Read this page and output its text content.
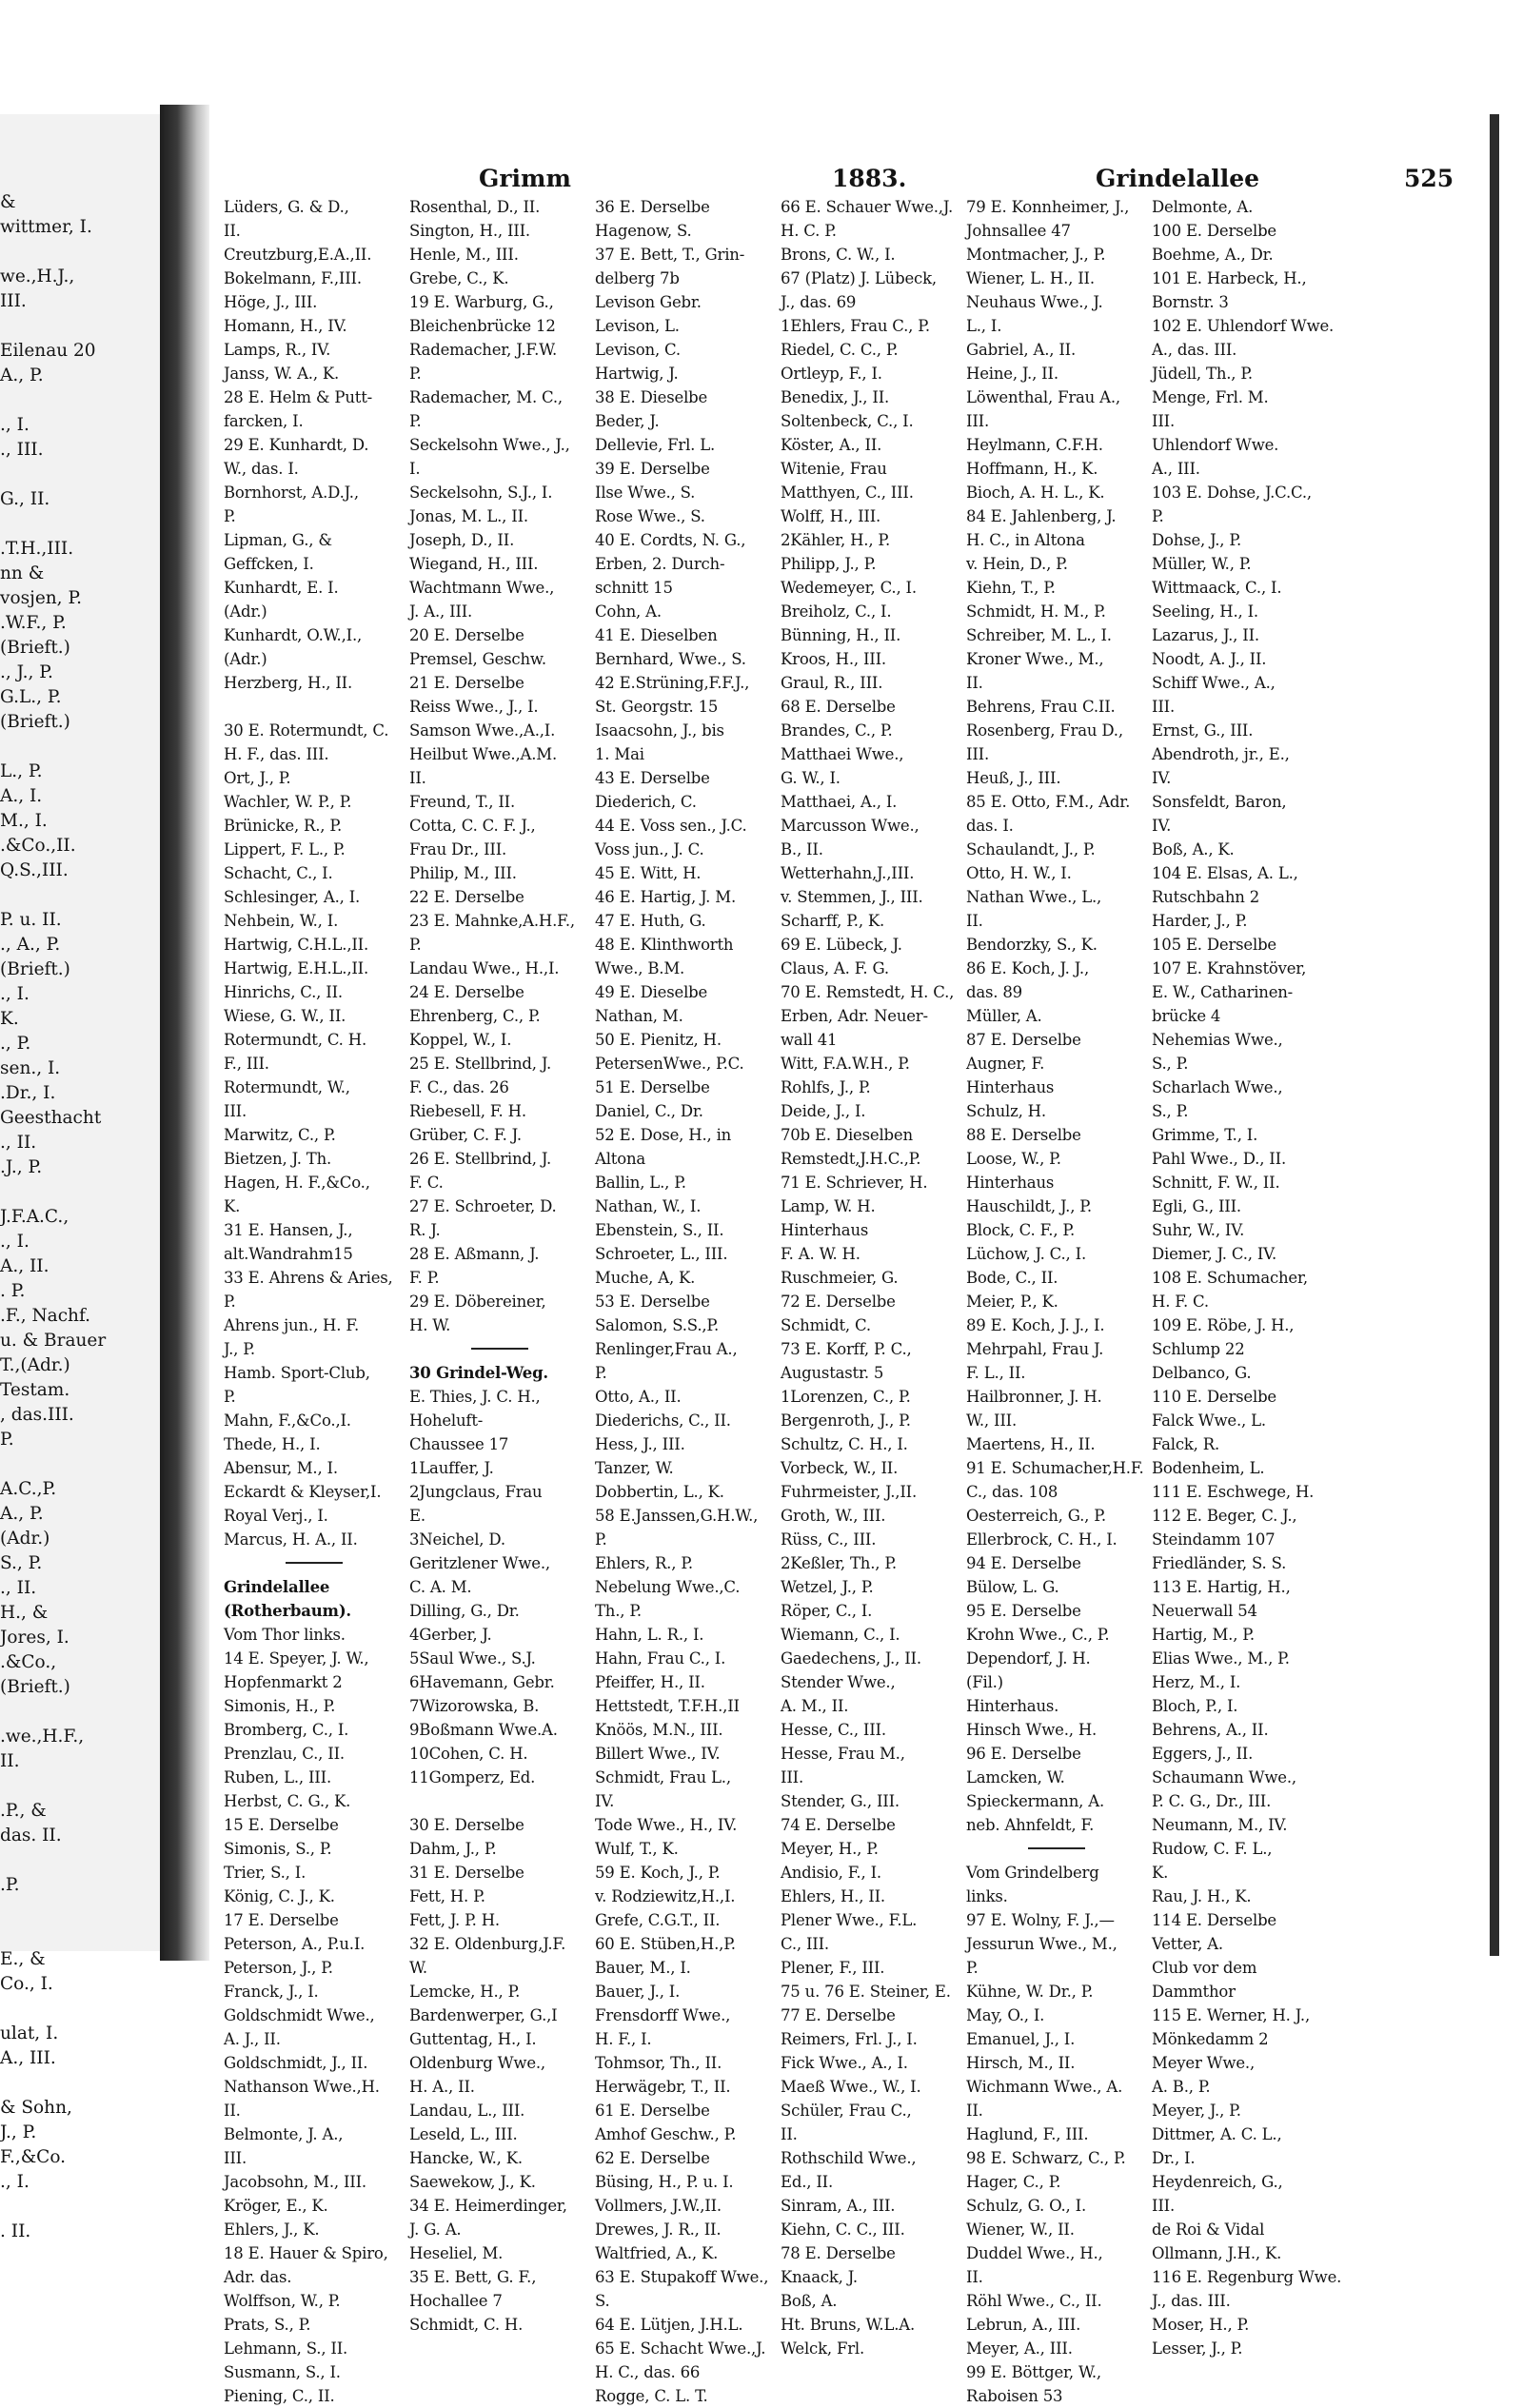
&
wittmer, I.
we.,H.J.,
III.
Eilenau 20
A., P.
., I.
., III.
G., II.
.T.H.,III.
nn &
vosjen, P.
.W.F., P.
(Brieft.)
., J., P.
G.L., P.
(Brieft.)
L., P.
A., I.
M., I.
.&Co.,II.
Q.S.,III.
P. u. II.
., A., P.
(Brieft.)
., I.
K.
., P.
sen., I.
.Dr., I.
Geesthacht
., II.
.J., P.
J.F.A.C.,
., I.
A., II.
. P.
.F., Nachf.
u. & Brauer
T.,(Adr.)
Testam.
, das.III.
P.
A.C.,P.
A., P.
(Adr.)
S., P.
., II.
H., &
Jores, I.
.&Co.,
(Brieft.)
.we.,H.F.,
II.
.P., &
das. II.
.P.
E., &
Co., I.
ulat, I.
A., III.
& Sohn,
J., P.
F.,&Co.
., I.
. II.
Grimm	1883.	Grindelallee	525
Lüders, G. & D.,
II.
Creutzburg,E.A.,II.
Bokelmann, F.,III.
Höge, J., III.
Homann, H., IV.
Lamps, R., IV.
Janss, W. A., K.
28 E. Helm & Putt-
farcken, I.
29 E. Kunhardt, D.
W., das. I.
Bornhorst, A.D.J.,
P.
Lipman, G., &
Geffcken, I.
Kunhardt, E. I.
(Adr.)
Kunhardt, O.W.,I.,
(Adr.)
Herzberg, H., II.
30 E. Rotermundt, C.
H. F., das. III.
Ort, J., P.
Wachler, W. P., P.
Brünicke, R., P.
Lippert, F. L., P.
Schacht, C., I.
Schlesinger, A., I.
Nehbein, W., I.
Hartwig, C.H.L.,II.
Hartwig, E.H.L.,II.
Hinrichs, C., II.
Wiese, G. W., II.
Rotermundt, C. H.
F., III.
Rotermundt, W.,
III.
Marwitz, C., P.
Bietzen, J. Th.
Hagen, H. F.,&Co.,
K.
31 E. Hansen, J.,
alt.Wandrahm15
33 E. Ahrens & Aries,
P.
Ahrens jun., H. F.
J., P.
Hamb. Sport-Club,
P.
Mahn, F.,&Co.,I.
Thede, H., I.
Abensur, M., I.
Eckardt & Kleyser,I.
Royal Verj., I.
Marcus, H. A., II.
Grindelallee
(Rotherbaum).
Vom Thor links.
14 E. Speyer, J. W.,
Hopfenmarkt 2
Simonis, H., P.
Bromberg, C., I.
Prenzlau, C., II.
Ruben, L., III.
Herbst, C. G., K.
15 E. Derselbe
Simonis, S., P.
Trier, S., I.
König, C. J., K.
17 E. Derselbe
Peterson, A., P.u.I.
Peterson, J., P.
Franck, J., I.
Goldschmidt Wwe.,
A. J., II.
Goldschmidt, J., II.
Nathanson Wwe.,H.
II.
Belmonte, J. A.,
III.
Jacobsohn, M., III.
Kröger, E., K.
Ehlers, J., K.
18 E. Hauer & Spiro,
Adr. das.
Wolffson, W., P.
Prats, S., P.
Lehmann, S., II.
Susmann, S., I.
Piening, C., II.
Rosenthal, D., II.
Sington, H., III.
Henle, M., III.
Grebe, C., K.
19 E. Warburg, G.,
Bleichenbrücke 12
Rademacher, J.F.W.
P.
Rademacher, M. C.,
P.
Seckelsohn Wwe., J.,
I.
Seckelsohn, S.J., I.
Jonas, M. L., II.
Joseph, D., II.
Wiegand, H., III.
Wachtmann Wwe.,
J. A., III.
20 E. Derselbe
Premsel, Geschw.
21 E. Derselbe
Reiss Wwe., J., I.
Samson Wwe.,A.,I.
Heilbut Wwe.,A.M.
II.
Freund, T., II.
Cotta, C. C. F. J.,
Frau Dr., III.
Philip, M., III.
22 E. Derselbe
23 E. Mahnke,A.H.F.,
P.
Landau Wwe., H.,I.
24 E. Derselbe
Ehrenberg, C., P.
Koppel, W., I.
25 E. Stellbrind, J.
F. C., das. 26
Riebesell, F. H.
Grüber, C. F. J.
26 E. Stellbrind, J.
F. C.
27 E. Schroeter, D.
R. J.
28 E. Aßmann, J.
F. P.
29 E. Döbereiner,
H. W.
30 Grindel-Weg.
E. Thies, J. C. H.,
Hoheluft-
Chaussee 17
1Lauffer, J.
2Jungclaus, Frau
E.
3Neichel, D.
Geritzlener Wwe.,
C. A. M.
Dilling, G., Dr.
4Gerber, J.
5Saul Wwe., S.J.
6Havemann, Gebr.
7Wizorowska, B.
9Boßmann Wwe.A.
10Cohen, C. H.
11Gomperz, Ed.
30 E. Derselbe
Dahm, J., P.
31 E. Derselbe
Fett, H. P.
Fett, J. P. H.
32 E. Oldenburg,J.F.
W.
Lemcke, H., P.
Bardenwerper, G.,I
Guttentag, H., I.
Oldenburg Wwe.,
H. A., II.
Landau, L., III.
Leseld, L., III.
Hancke, W., K.
Saewekow, J., K.
34 E. Heimerdinger,
J. G. A.
Heseliel, M.
35 E. Bett, G. F.,
Hochallee 7
Schmidt, C. H.
36 E. Derselbe
Hagenow, S.
37 E. Bett, T., Grin-
delberg 7b
Levison Gebr.
Levison, L.
Levison, C.
Hartwig, J.
38 E. Dieselbe
Beder, J.
Dellevie, Frl. L.
39 E. Derselbe
Ilse Wwe., S.
Rose Wwe., S.
40 E. Cordts, N. G.,
Erben, 2. Durch-
schnitt 15
Cohn, A.
41 E. Dieselben
Bernhard, Wwe., S.
42 E.Strüning,F.F.J.,
St. Georgstr. 15
Isaacsohn, J., bis
1. Mai
43 E. Derselbe
Diederich, C.
44 E. Voss sen., J.C.
Voss jun., J. C.
45 E. Witt, H.
46 E. Hartig, J. M.
47 E. Huth, G.
48 E. Klinthworth
Wwe., B.M.
49 E. Dieselbe
Nathan, M.
50 E. Pienitz, H.
PetersenWwe., P.C.
51 E. Derselbe
Daniel, C., Dr.
52 E. Dose, H., in
Altona
Ballin, L., P.
Nathan, W., I.
Ebenstein, S., II.
Schroeter, L., III.
Muche, A, K.
53 E. Derselbe
Salomon, S.S.,P.
Renlinger,Frau A.,
P.
Otto, A., II.
Diederichs, C., II.
Hess, J., III.
Tanzer, W.
Dobbertin, L., K.
58 E.Janssen,G.H.W.,
P.
Ehlers, R., P.
Nebelung Wwe.,C.
Th., P.
Hahn, L. R., I.
Hahn, Frau C., I.
Pfeiffer, H., II.
Hettstedt, T.F.H.,II
Knöös, M.N., III.
Billert Wwe., IV.
Schmidt, Frau L.,
IV.
Tode Wwe., H., IV.
Wulf, T., K.
59 E. Koch, J., P.
v. Rodziewitz,H.,I.
Grefe, C.G.T., II.
60 E. Stüben,H.,P.
Bauer, M., I.
Bauer, J., I.
Frensdorff Wwe.,
H. F., I.
Tohmsor, Th., II.
Herwägebr, T., II.
61 E. Derselbe
Amhof Geschw., P.
62 E. Derselbe
Büsing, H., P. u. I.
Vollmers, J.W.,II.
Drewes, J. R., II.
Waltfried, A., K.
63 E. Stupakoff Wwe.,
S.
64 E. Lütjen, J.H.L.
65 E. Schacht Wwe.,J.
H. C., das. 66
Rogge, C. L. T.
66 E. Schauer Wwe.,J.
H. C. P.
Brons, C. W., I.
67 (Platz) J. Lübeck,
J., das. 69
1Ehlers, Frau C., P.
Riedel, C. C., P.
Ortleyp, F., I.
Benedix, J., II.
Soltenbeck, C., I.
Köster, A., II.
Witenie, Frau
Matthyen, C., III.
Wolff, H., III.
2Kähler, H., P.
Philipp, J., P.
Wedemeyer, C., I.
Breiholz, C., I.
Bünning, H., II.
Kroos, H., III.
Graul, R., III.
68 E. Derselbe
Brandes, C., P.
Matthaei Wwe.,
G. W., I.
Matthaei, A., I.
Marcusson Wwe.,
B., II.
Wetterhahn,J.,III.
v. Stemmen, J., III.
Scharff, P., K.
69 E. Lübeck, J.
Claus, A. F. G.
70 E. Remstedt, H. C.,
Erben, Adr. Neuer-
wall 41
Witt, F.A.W.H., P.
Rohlfs, J., P.
Deide, J., I.
70b E. Dieselben
Remstedt,J.H.C.,P.
71 E. Schriever, H.
Lamp, W. H.
Hinterhaus
F. A. W. H.
Ruschmeier, G.
72 E. Derselbe
Schmidt, C.
73 E. Korff, P. C.,
Augustastr. 5
1Lorenzen, C., P.
Bergenroth, J., P.
Schultz, C. H., I.
Vorbeck, W., II.
Fuhrmeister, J.,II.
Groth, W., III.
Rüss, C., III.
2Keßler, Th., P.
Wetzel, J., P.
Röper, C., I.
Wiemann, C., I.
Gaedechens, J., II.
Stender Wwe.,
A. M., II.
Hesse, C., III.
Hesse, Frau M.,
III.
Stender, G., III.
74 E. Derselbe
Meyer, H., P.
Andisio, F., I.
Ehlers, H., II.
Plener Wwe., F.L.
C., III.
Plener, F., III.
75 u. 76 E. Steiner, E.
77 E. Derselbe
Reimers, Frl. J., I.
Fick Wwe., A., I.
Maeß Wwe., W., I.
Schüler, Frau C.,
II.
Rothschild Wwe.,
Ed., II.
Sinram, A., III.
Kiehn, C. C., III.
78 E. Derselbe
Knaack, J.
Boß, A.
Ht. Bruns, W.L.A.
Welck, Frl.
79 E. Konnheimer, J.,
Johnsallee 47
Montmacher, J., P.
Wiener, L. H., II.
Neuhaus Wwe., J.
L., I.
Gabriel, A., II.
Heine, J., II.
Löwenthal, Frau A.,
III.
Heylmann, C.F.H.
Hoffmann, H., K.
Bioch, A. H. L., K.
84 E. Jahlenberg, J.
H. C., in Altona
v. Hein, D., P.
Kiehn, T., P.
Schmidt, H. M., P.
Schreiber, M. L., I.
Kroner Wwe., M.,
II.
Behrens, Frau C.II.
Rosenberg, Frau D.,
III.
Heuß, J., III.
85 E. Otto, F.M., Adr.
das. I.
Schaulandt, J., P.
Otto, H. W., I.
Nathan Wwe., L.,
II.
Bendorzky, S., K.
86 E. Koch, J. J.,
das. 89
Müller, A.
87 E. Derselbe
Augner, F.
Hinterhaus
Schulz, H.
88 E. Derselbe
Loose, W., P.
Hinterhaus
Hauschildt, J., P.
Block, C. F., P.
Lüchow, J. C., I.
Bode, C., II.
Meier, P., K.
89 E. Koch, J. J., I.
Mehrpahl, Frau J.
F. L., II.
Hailbronner, J. H.
W., III.
Maertens, H., II.
91 E. Schumacher,H.F.
C., das. 108
Oesterreich, G., P.
Ellerbrock, C. H., I.
94 E. Derselbe
Bülow, L. G.
95 E. Derselbe
Krohn Wwe., C., P.
Dependorf, J. H.
(Fil.)
Hinterhaus.
Hinsch Wwe., H.
96 E. Derselbe
Lamcken, W.
Spieckermann, A.
neb. Ahnfeldt, F.
Vom Grindelberg
links.
97 E. Wolny, F. J.,—
Jessurun Wwe., M.,
P.
Kühne, W. Dr., P.
May, O., I.
Emanuel, J., I.
Hirsch, M., II.
Wichmann Wwe., A.
II.
Haglund, F., III.
98 E. Schwarz, C., P.
Hager, C., P.
Schulz, G. O., I.
Wiener, W., II.
Duddel Wwe., H.,
II.
Röhl Wwe., C., II.
Lebrun, A., III.
Meyer, A., III.
99 E. Böttger, W.,
Raboisen 53
Delmonte, A.
100 E. Derselbe
Boehme, A., Dr.
101 E. Harbeck, H.,
Bornstr. 3
102 E. Uhlendorf Wwe.
A., das. III.
Jüdell, Th., P.
Menge, Frl. M.
III.
Uhlendorf Wwe.
A., III.
103 E. Dohse, J.C.C.,
P.
Dohse, J., P.
Müller, W., P.
Wittmaack, C., I.
Seeling, H., I.
Lazarus, J., II.
Noodt, A. J., II.
Schiff Wwe., A.,
III.
Ernst, G., III.
Abendroth, jr., E.,
IV.
Sonsfeldt, Baron,
IV.
Boß, A., K.
104 E. Elsas, A. L.,
Rutschbahn 2
Harder, J., P.
105 E. Derselbe
107 E. Krahnstöver,
E. W., Catharinen-
brücke 4
Nehemias Wwe.,
S., P.
Scharlach Wwe.,
S., P.
Grimme, T., I.
Pahl Wwe., D., II.
Schnitt, F. W., II.
Egli, G., III.
Suhr, W., IV.
Diemer, J. C., IV.
108 E. Schumacher,
H. F. C.
109 E. Röbe, J. H.,
Schlump 22
Delbanco, G.
110 E. Derselbe
Falck Wwe., L.
Falck, R.
Bodenheim, L.
111 E. Eschwege, H.
112 E. Beger, C. J.,
Steindamm 107
Friedländer, S. S.
113 E. Hartig, H.,
Neuerwall 54
Hartig, M., P.
Elias Wwe., M., P.
Herz, M., I.
Bloch, P., I.
Behrens, A., II.
Eggers, J., II.
Schaumann Wwe.,
P. C. G., Dr., III.
Neumann, M., IV.
Rudow, C. F. L.,
K.
Rau, J. H., K.
114 E. Derselbe
Vetter, A.
Club vor dem
Dammthor
115 E. Werner, H. J.,
Mönkedamm 2
Meyer Wwe.,
A. B., P.
Meyer, J., P.
Dittmer, A. C. L.,
Dr., I.
Heydenreich, G.,
III.
de Roi & Vidal
Ollmann, J.H., K.
116 E. Regenburg Wwe.
J., das. III.
Moser, H., P.
Lesser, J., P.
